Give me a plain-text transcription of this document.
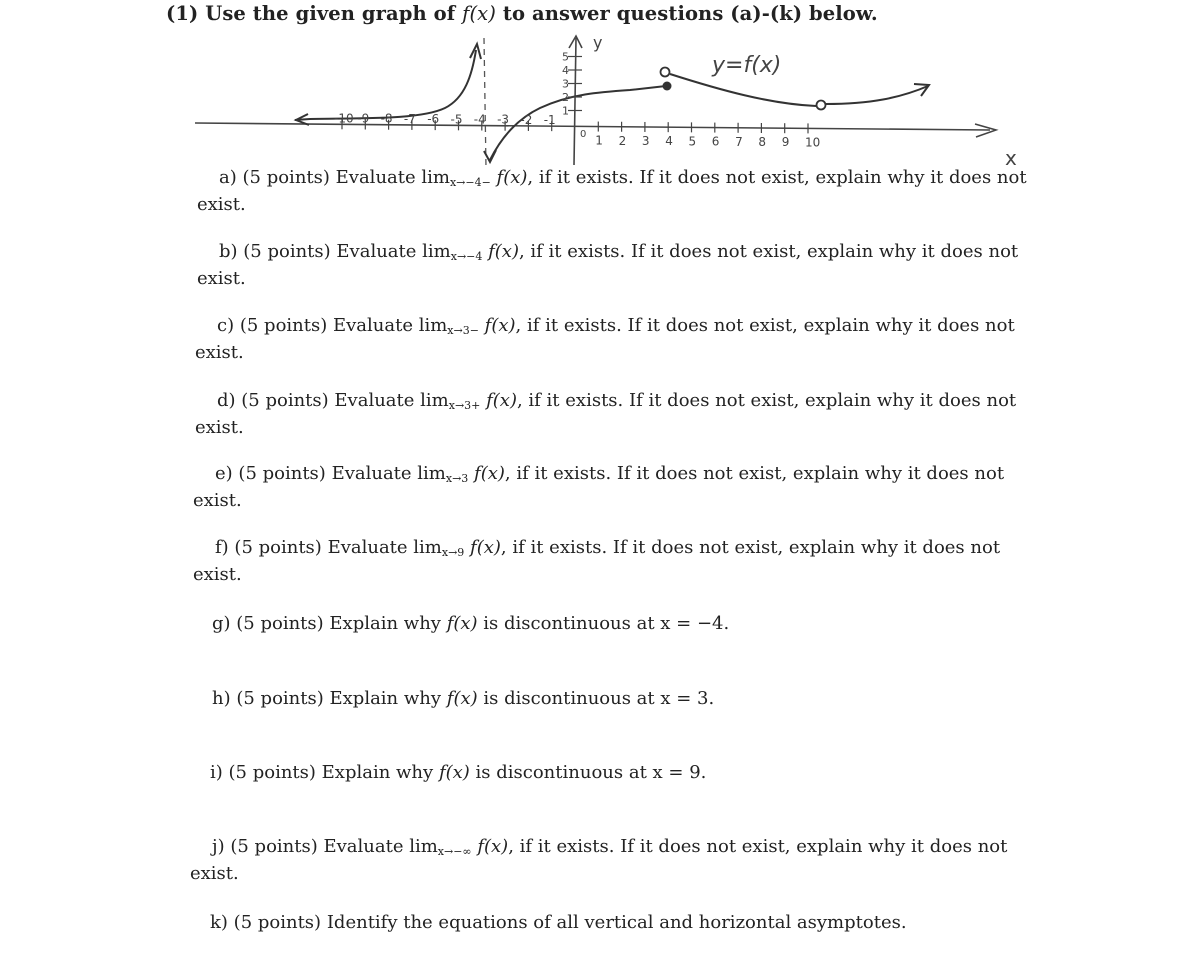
(1) Use the given graph of f(x) to answer questions (a)-(k) below.
-10 -9 -8 -7 -6 -5 -4 -3 -2 -1
1 2 3 4 5 6 7 8 9 10
5
4
3
2
1
0
y=f(x)
x
y
a) (5 points) Evaluate $\lim_{x\to-4-} f(x)$, if it exists. If it does not exist, explain why it does not
exist.
b) (5 points) Evaluate $\lim_{x\to-4} f(x)$, if it exists. If it does not exist, explain why it does not
exist.
c) (5 points) Evaluate $\lim_{x\to 3-} f(x)$, if it exists. If it does not exist, explain why it does not
exist.
d) (5 points) Evaluate $\lim_{x\to 3+} f(x)$, if it exists. If it does not exist, explain why it does not
exist.
e) (5 points) Evaluate $\lim_{x\to 3} f(x)$, if it exists. If it does not exist, explain why it does not
exist.
f) (5 points) Evaluate $\lim_{x\to 9} f(x)$, if it exists. If it does not exist, explain why it does not
exist.
g) (5 points) Explain why f(x) is discontinuous at x = −4.
h) (5 points) Explain why f(x) is discontinuous at x = 3.
i) (5 points) Explain why f(x) is discontinuous at x = 9.
j) (5 points) Evaluate $\lim_{x\to-\infty} f(x)$, if it exists. If it does not exist, explain why it does not
exist.
k) (5 points) Identify the equations of all vertical and horizontal asymptotes.
